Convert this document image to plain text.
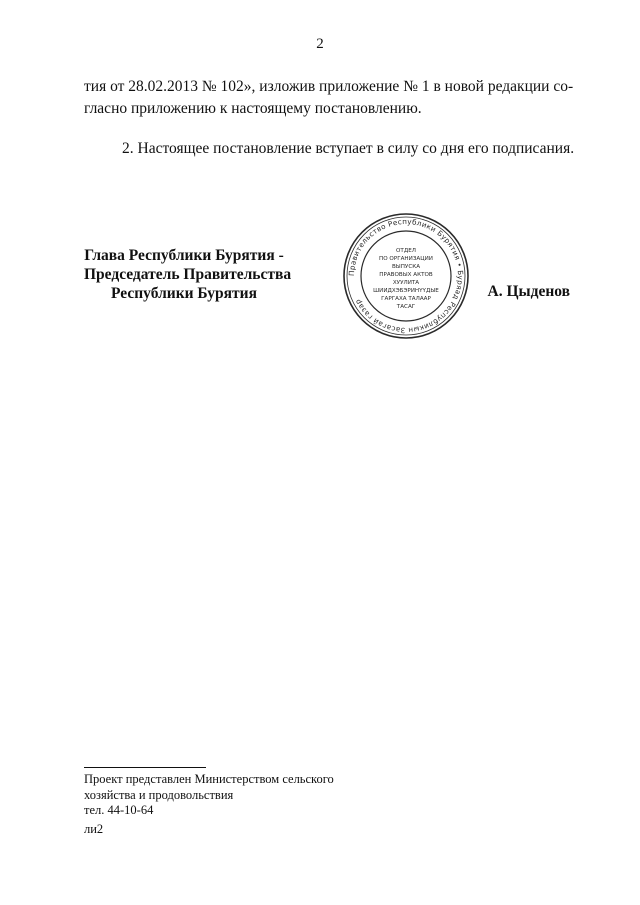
2
тия от 28.02.2013 № 102», изложив приложение № 1 в новой редакции со-
гласно приложению к настоящему постановлению.
2. Настоящее постановление вступает в силу со дня его подписания.
Глава Республики Бурятия -
Председатель Правительства
Республики Бурятия
Правительство Республики Бурятия • Буряад Республикын Засагай газар
ОТДЕЛ
ПО ОРГАНИЗАЦИИ
ВЫПУСКА
ПРАВОВЫХ АКТОВ
ХУУЛИТА
ШИИДХЭБЭРИНҮҮДЫЕ
ГАРГАХА ТАЛААР
ТАСАГ
А. Цыденов
Проект представлен Министерством сельского
хозяйства и продовольствия
тел. 44-10-64
ли2
